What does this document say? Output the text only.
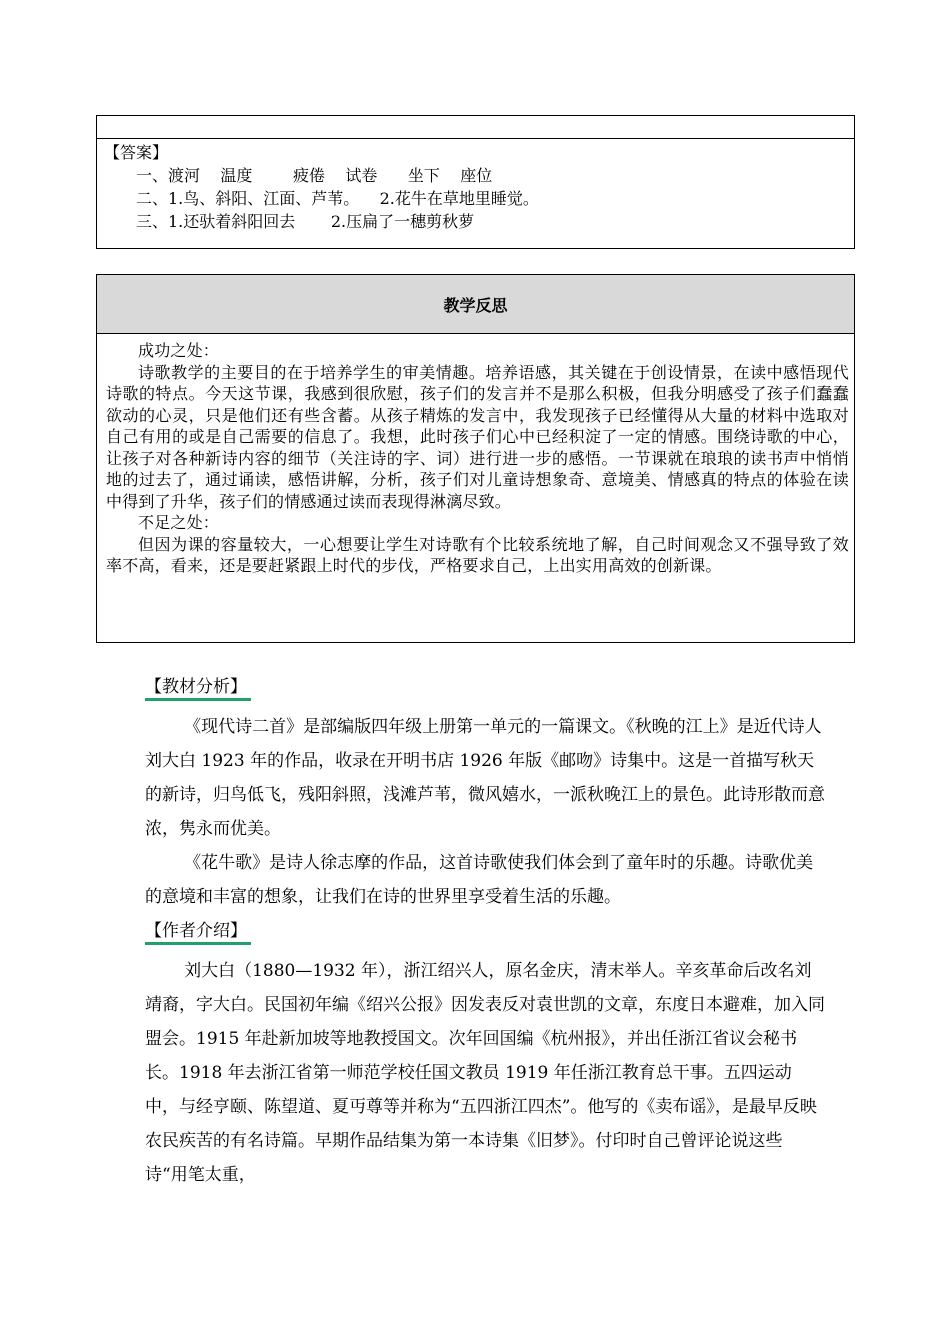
【答案】
一、渡河    温度        疲倦    试卷      坐下    座位
二、1.鸟、斜阳、江面、芦苇。    2.花牛在草地里睡觉。
三、1.还驮着斜阳回去       2.压扁了一穗剪秋萝
教学反思

成功之处：

诗歌教学的主要目的在于培养学生的审美情趣。培养语感，其关键在于创设情景，在读中感悟现代诗歌的特点。今天这节课，我感到很欣慰，孩子们的发言并不是那么积极，但我分明感受了孩子们蠢蠢欲动的心灵，只是他们还有些含蓄。从孩子精炼的发言中，我发现孩子已经懂得从大量的材料中选取对自己有用的或是自己需要的信息了。我想，此时孩子们心中已经积淀了一定的情感。围绕诗歌的中心，让孩子对各种新诗内容的细节（关注诗的字、词）进行进一步的感悟。一节课就在琅琅的读书声中悄悄地的过去了，通过诵读，感悟讲解，分析，孩子们对儿童诗想象奇、意境美、情感真的特点的体验在读中得到了升华，孩子们的情感通过读而表现得淋漓尽致。

不足之处：

但因为课的容量较大，一心想要让学生对诗歌有个比较系统地了解，自己时间观念又不强导致了效率不高，看来，还是要赶紧跟上时代的步伐，严格要求自己，上出实用高效的创新课。

【教材分析】

《现代诗二首》是部编版四年级上册第一单元的一篇课文。《秋晚的江上》是近代诗人刘大白 1923 年的作品，收录在开明书店 1926 年版《邮吻》诗集中。这是一首描写秋天的新诗，归鸟低飞，残阳斜照，浅滩芦苇，微风嬉水，一派秋晚江上的景色。此诗形散而意浓，隽永而优美。

《花牛歌》是诗人徐志摩的作品，这首诗歌使我们体会到了童年时的乐趣。诗歌优美的意境和丰富的想象，让我们在诗的世界里享受着生活的乐趣。

【作者介绍】

刘大白（1880—1932 年），浙江绍兴人，原名金庆，清末举人。辛亥革命后改名刘靖裔，字大白。民国初年编《绍兴公报》因发表反对袁世凯的文章，东度日本避难，加入同盟会。1915 年赴新加坡等地教授国文。次年回国编《杭州报》，并出任浙江省议会秘书长。1918 年去浙江省第一师范学校任国文教员 1919 年任浙江教育总干事。五四运动中，与经亨颐、陈望道、夏丏尊等并称为“五四浙江四杰”。他写的《卖布谣》，是最早反映农民疾苦的有名诗篇。早期作品结集为第一本诗集《旧梦》。付印时自己曾评论说这些诗“用笔太重，
